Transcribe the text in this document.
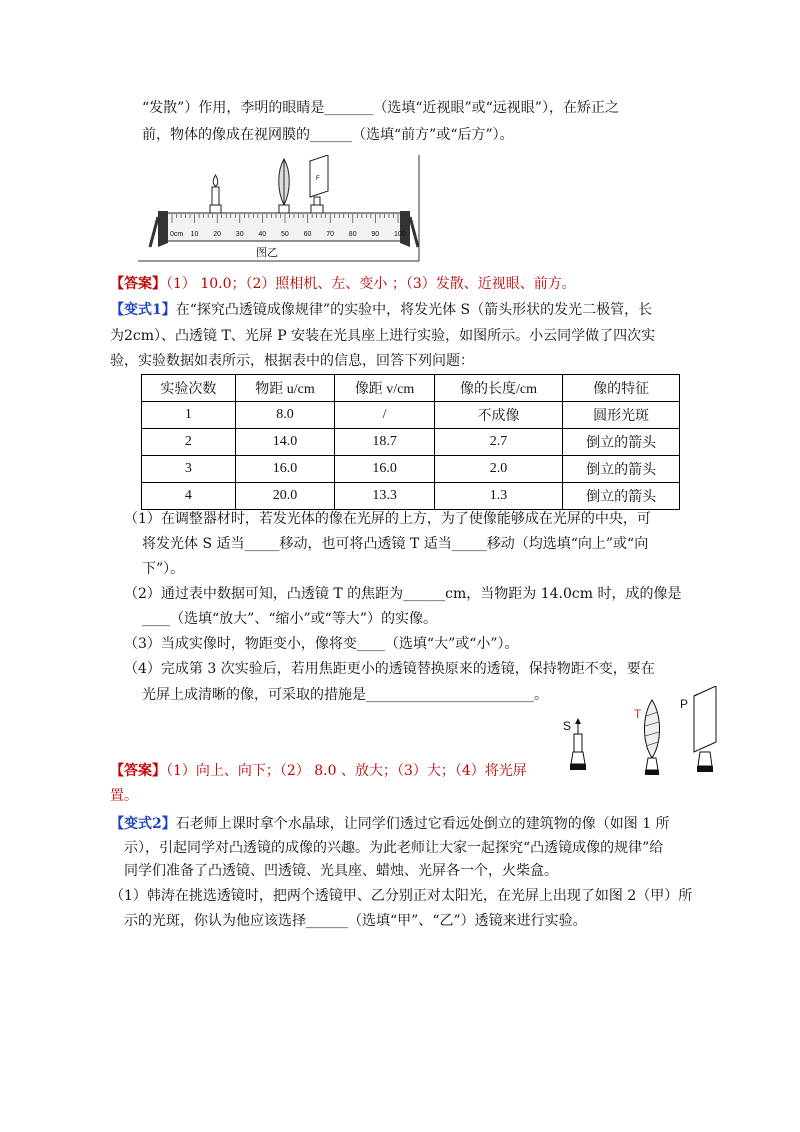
“发散”）作用，李明的眼睛是_______（选填“近视眼”或“远视眼”），在矫正之
前，物体的像成在视网膜的______（选填“前方”或“后方”）。
F
0cm 10 20 30 40 50 60 70 80 90 100
图乙
【答案】（1） 10.0；（2）照相机、左、变小 ；（3）发散、近视眼、前方。
【变式1】在“探究凸透镜成像规律”的实验中，将发光体 S（箭头形状的发光二极管，长
为2cm）、凸透镜 T、光屏 P 安装在光具座上进行实验，如图所示。小云同学做了四次实
验，实验数据如表所示，根据表中的信息，回答下列问题：
实验次数	物距 u/cm	像距 v/cm	像的长度/cm	像的特征
1	8.0	/	不成像	圆形光斑
2	14.0	18.7	2.7	倒立的箭头
3	16.0	16.0	2.0	倒立的箭头
4	20.0	13.3	1.3	倒立的箭头
（1）在调整器材时，若发光体的像在光屏的上方，为了使像能够成在光屏的中央，可
将发光体 S 适当_____移动，也可将凸透镜 T 适当_____移动（均选填“向上”或“向
下”）。
（2）通过表中数据可知，凸透镜 T 的焦距为______cm，当物距为 14.0cm 时，成的像是
____（选填“放大”、“缩小”或“等大”）的实像。
（3）当成实像时，物距变小，像将变____（选填“大”或“小”）。
（4）完成第 3 次实验后，若用焦距更小的透镜替换原来的透镜，保持物距不变，要在
光屏上成清晰的像，可采取的措施是________________________。
【答案】（1）向上、向下；（2） 8.0 、放大；（3）大；（4）将光屏
置。
S
T
P
【变式2】石老师上课时拿个水晶球，让同学们透过它看远处倒立的建筑物的像（如图 1 所
示），引起同学对凸透镜的成像的兴趣。为此老师让大家一起探究“凸透镜成像的规律”给
同学们准备了凸透镜、凹透镜、光具座、蜡烛、光屏各一个，火柴盒。
（1）韩涛在挑选透镜时，把两个透镜甲、乙分别正对太阳光，在光屏上出现了如图 2（甲）所
示的光斑，你认为他应该选择______（选填“甲”、“乙”）透镜来进行实验。
